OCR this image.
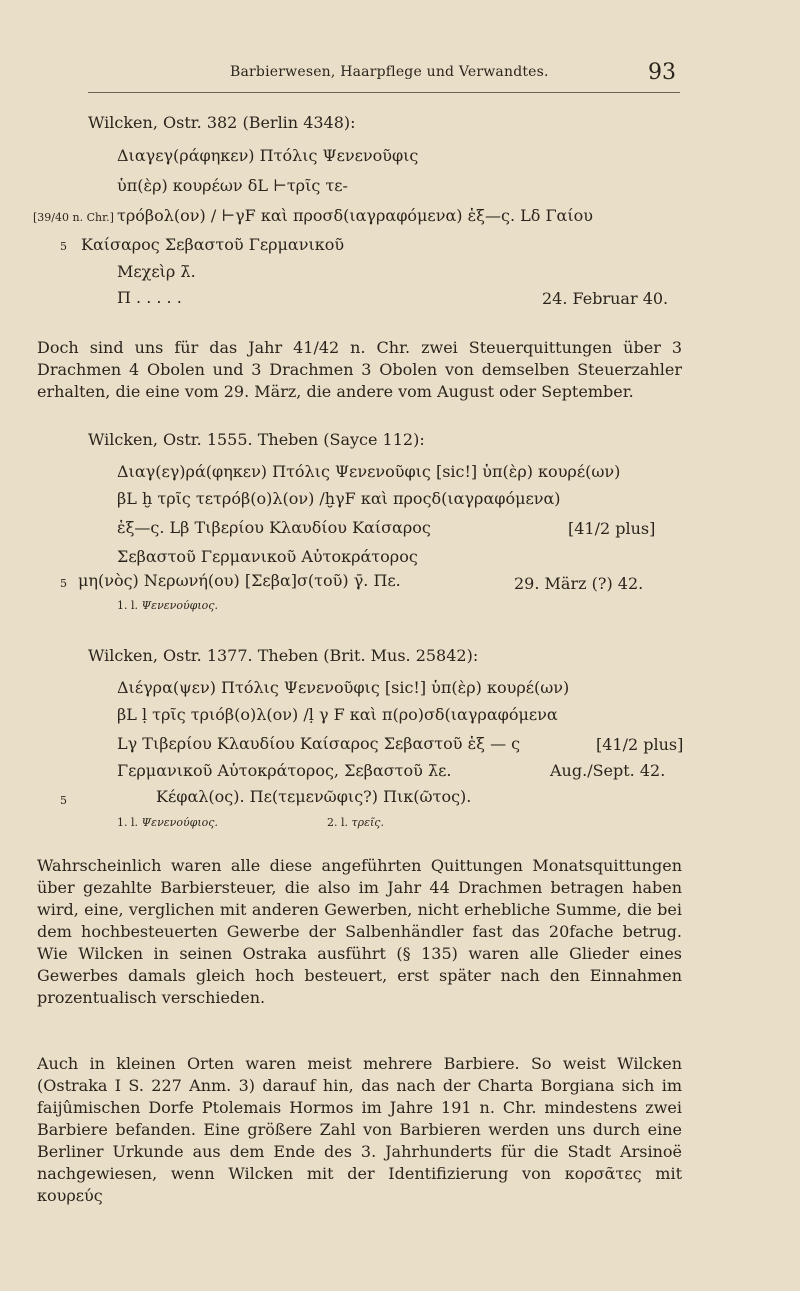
Barbierwesen, Haarpflege und Verwandtes.	93
Wilcken, Ostr. 382 (Berlin 4348):
Διαγεγ(ράφηκεν) Πτόλις Ψενενοῦφις
ὑπ(ὲρ) κουρέων δL ⊢τρῖς τε-
[39/40 n. Chr.] τρόβολ(ον) / ⊢γF καὶ προσδ(ιαγραφόμενα) ἑξ—ς. Lδ Γαίου
5 Καίσαρος Σεβαστοῦ Γερμανικοῦ
Μεχεὶρ λ̄.
Π . . . . .	24. Februar 40.

Doch sind uns für das Jahr 41/42 n. Chr. zwei Steuerquittungen über 3 Drachmen 4 Obolen und 3 Drachmen 3 Obolen von demselben Steuerzahler erhalten, die eine vom 29. März, die andere vom August oder September.

Wilcken, Ostr. 1555. Theben (Sayce 112):
Διαγ(εγ)ρά(φηκεν) Πτόλις Ψενενοῦφις [sic!] ὑπ(ὲρ) κουρέ(ων)
βL ḫ τρῖς τετρόβ(ο)λ(ον) /ḫγF καὶ προςδ(ιαγραφόμενα)
ἑξ—ς. Lβ Τιβερίου Κλαυδίου Καίσαρος	[41/2 plus]
Σεβαστοῦ Γερμανικοῦ Αὐτοκράτορος
5 μη(νὸς) Νερωνή(ου) [Σεβα]σ(τοῦ) γ̄. Πε.	29. März (?) 42.
1. l. Ψενενούφιος.
Wilcken, Ostr. 1377. Theben (Brit. Mus. 25842):
Διέγρα(ψεν) Πτόλις Ψενενοῦφις [sic!] ὑπ(ὲρ) κουρέ(ων)
βL ḷ τρῖς τριόβ(ο)λ(ον) /ḷ γ F καὶ π(ρο)σδ(ιαγραφόμενα
Lγ Τιβερίου Κλαυδίου Καίσαρος Σεβαστοῦ ἑξ — ς	[41/2 plus]
Γερμανικοῦ Αὐτοκράτορος, Σεβαστοῦ λ̄ε.	Aug./Sept. 42.
5	Κέφαλ(ος). Πε(τεμενῶφις?) Πικ(ῶτος).
1. l. Ψενενούφιος.	2. l. τρεῖς.

Wahrscheinlich waren alle diese angeführten Quittungen Monatsquittungen über gezahlte Barbiersteuer, die also im Jahr 44 Drachmen betragen haben wird, eine, verglichen mit anderen Gewerben, nicht erhebliche Summe, die bei dem hochbesteuerten Gewerbe der Salbenhändler fast das 20fache betrug. Wie Wilcken in seinen Ostraka ausführt (§ 135) waren alle Glieder eines Gewerbes damals gleich hoch besteuert, erst später nach den Einnahmen prozentualisch verschieden.

Auch in kleinen Orten waren meist mehrere Barbiere. So weist Wilcken (Ostraka I S. 227 Anm. 3) darauf hin, das nach der Charta Borgiana sich im faijûmischen Dorfe Ptolemais Hormos im Jahre 191 n. Chr. mindestens zwei Barbiere befanden. Eine größere Zahl von Barbieren werden uns durch eine Berliner Urkunde aus dem Ende des 3. Jahrhunderts für die Stadt Arsinoë nachgewiesen, wenn Wilcken mit der Identifizierung von κορσᾶτες mit κουρεύς
